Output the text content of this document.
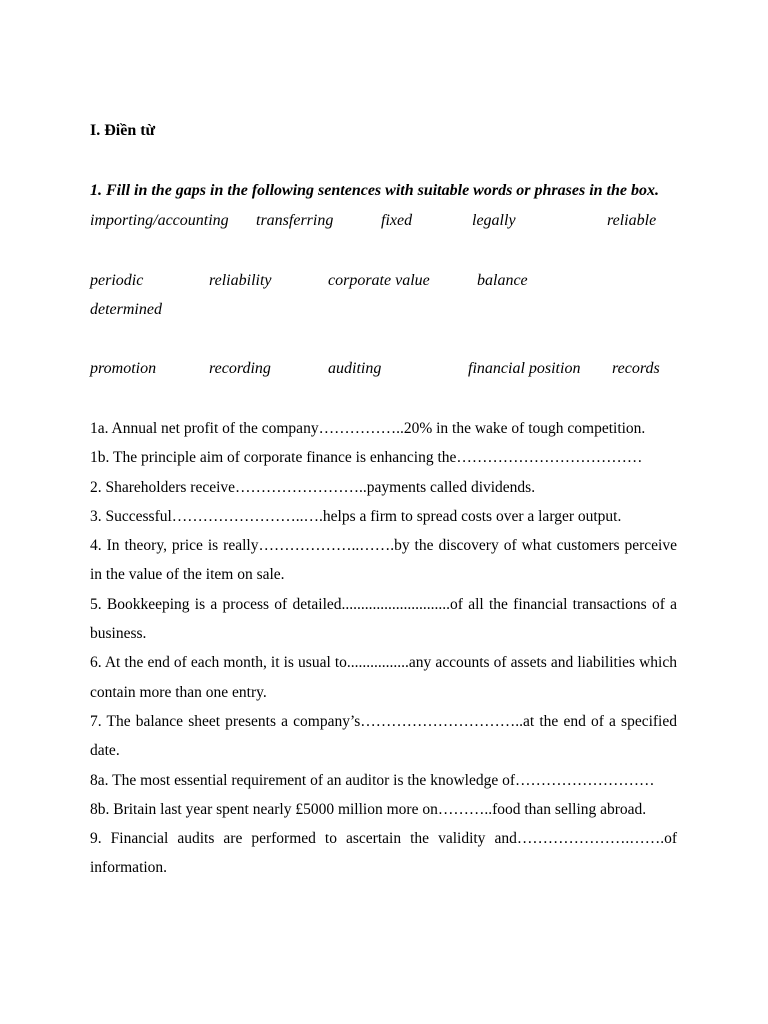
I. Điền từ

1. Fill in the gaps in the following sentences with suitable words or phrases in the box.

importing/accounting transferring	fixed	legally	reliable
periodic	reliability	corporate value	balance
determined
promotion	recording	auditing	financial position records
1a. Annual net profit of the company……………..20% in the wake of tough competition.
1b. The principle aim of corporate finance is enhancing the………………………………
2. Shareholders receive……………………..payments called dividends.
3. Successful……………………..….helps a firm to spread costs over a larger output.
4. In theory, price is really………………..…….by the discovery of what customers perceive in the value of the item on sale.
5. Bookkeeping is a process of detailed............................of all the financial transactions of a business.
6. At the end of each month, it is usual to................any accounts of assets and liabilities which contain more than one entry.
7. The balance sheet presents a company’s…………………………..at the end of a specified date.
8a. The most essential requirement of an auditor is the knowledge of………………………
8b. Britain last year spent nearly £5000 million more on………..food than selling abroad.
9. Financial audits are performed to ascertain the validity and………………….…….of information.
